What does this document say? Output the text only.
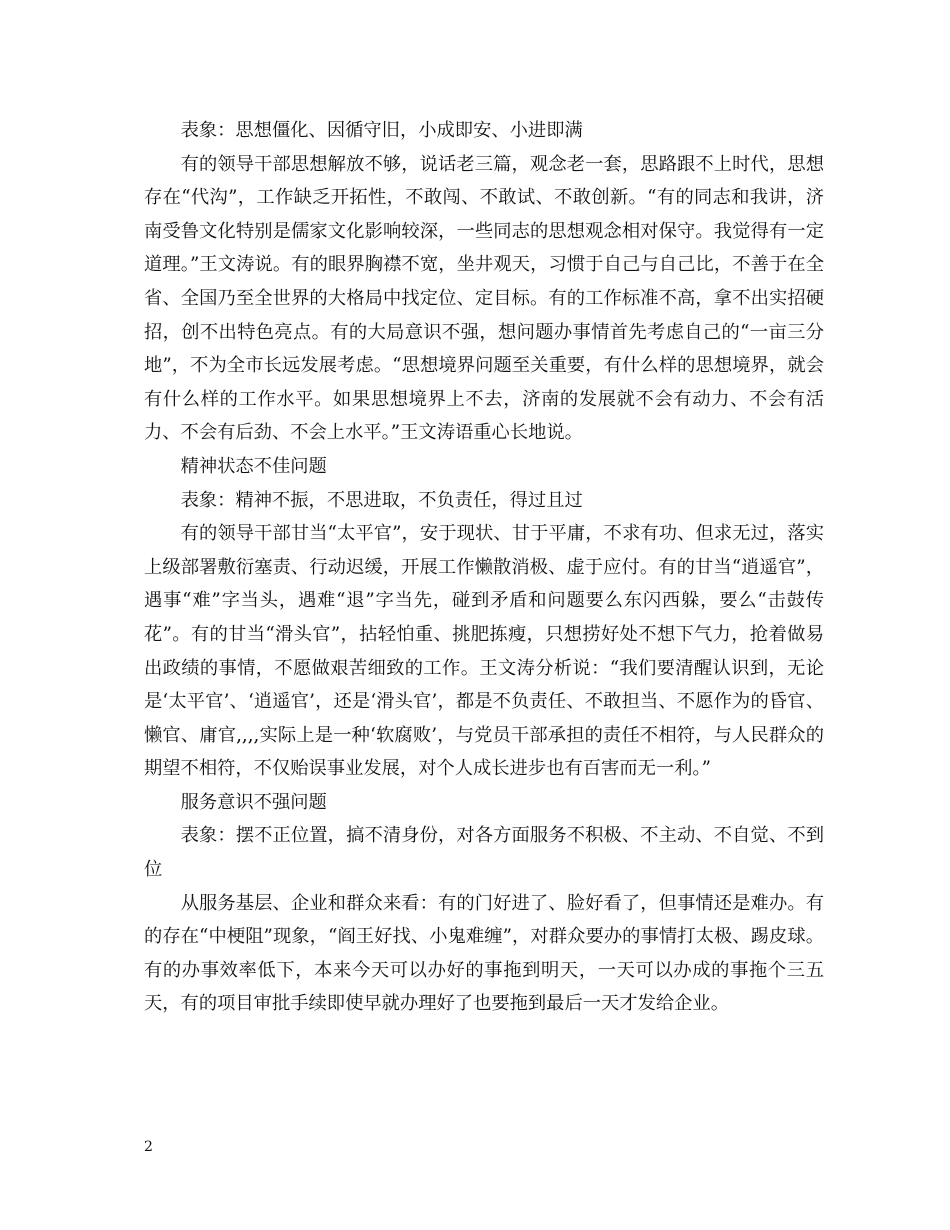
表象：思想僵化、因循守旧，小成即安、小进即满

有的领导干部思想解放不够，说话老三篇，观念老一套，思路跟不上时代，思想存在“代沟”，工作缺乏开拓性，不敢闯、不敢试、不敢创新。“有的同志和我讲，济南受鲁文化特别是儒家文化影响较深，一些同志的思想观念相对保守。我觉得有一定道理。”王文涛说。有的眼界胸襟不宽，坐井观天，习惯于自己与自己比，不善于在全省、全国乃至全世界的大格局中找定位、定目标。有的工作标准不高，拿不出实招硬招，创不出特色亮点。有的大局意识不强，想问题办事情首先考虑自己的“一亩三分地”，不为全市长远发展考虑。“思想境界问题至关重要，有什么样的思想境界，就会有什么样的工作水平。如果思想境界上不去，济南的发展就不会有动力、不会有活力、不会有后劲、不会上水平。”王文涛语重心长地说。

精神状态不佳问题

表象：精神不振，不思进取，不负责任，得过且过

有的领导干部甘当“太平官”，安于现状、甘于平庸，不求有功、但求无过，落实上级部署敷衍塞责、行动迟缓，开展工作懒散消极、虚于应付。有的甘当“逍遥官”，遇事“难”字当头，遇难“退”字当先，碰到矛盾和问题要么东闪西躲，要么“击鼓传花”。有的甘当“滑头官”，拈轻怕重、挑肥拣瘦，只想捞好处不想下气力，抢着做易出政绩的事情，不愿做艰苦细致的工作。王文涛分析说：“我们要清醒认识到，无论是‘太平官’、‘逍遥官’，还是‘滑头官’，都是不负责任、不敢担当、不愿作为的昏官、懒官、庸官,,,,实际上是一种‘软腐败’，与党员干部承担的责任不相符，与人民群众的期望不相符，不仅贻误事业发展，对个人成长进步也有百害而无一利。”

服务意识不强问题

表象：摆不正位置，搞不清身份，对各方面服务不积极、不主动、不自觉、不到位

从服务基层、企业和群众来看：有的门好进了、脸好看了，但事情还是难办。有的存在“中梗阻”现象，“阎王好找、小鬼难缠”，对群众要办的事情打太极、踢皮球。有的办事效率低下，本来今天可以办好的事拖到明天，一天可以办成的事拖个三五天，有的项目审批手续即使早就办理好了也要拖到最后一天才发给企业。

2
